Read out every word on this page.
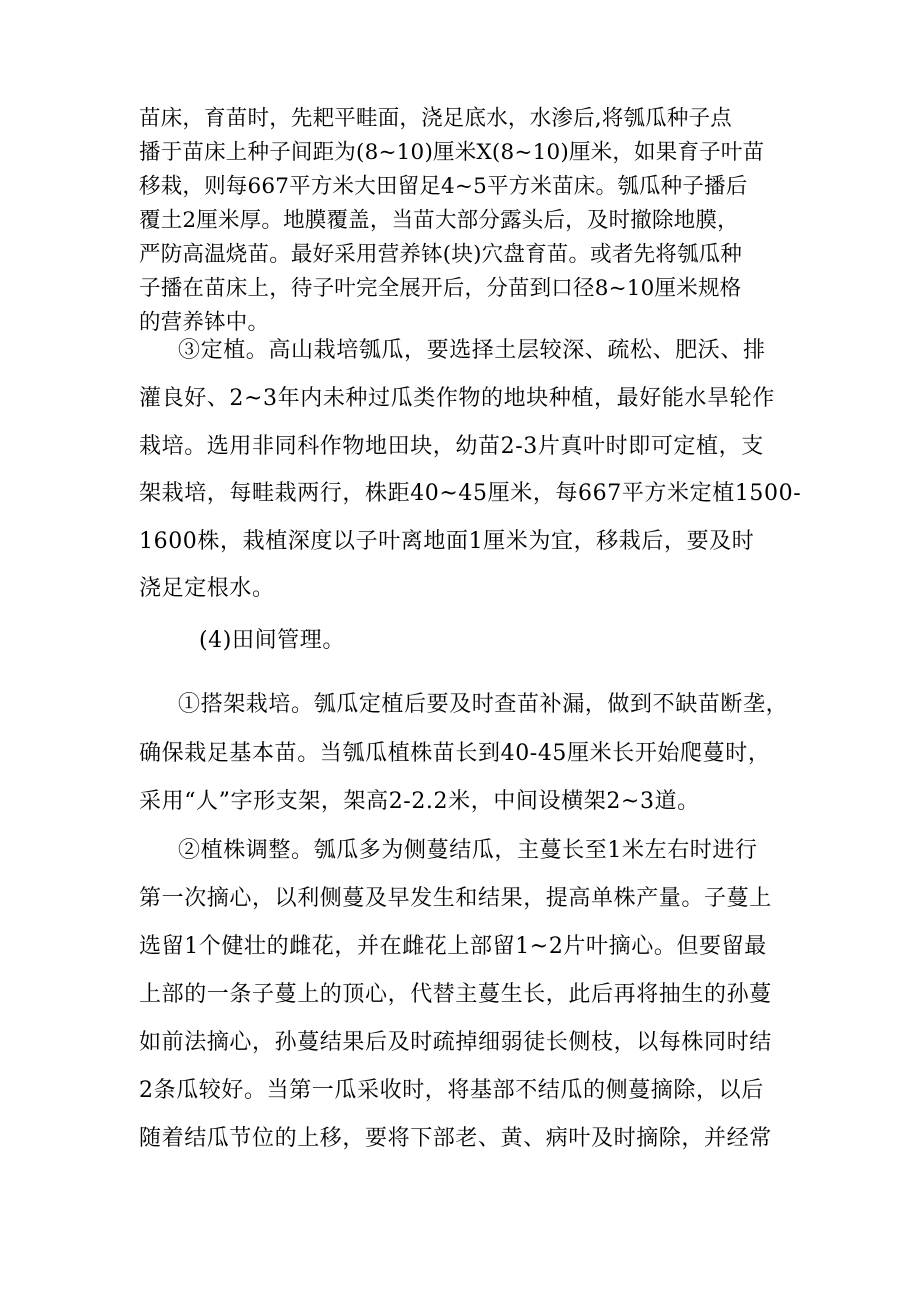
苗床，育苗时，先耙平畦面，浇足底水，水渗后,将瓠瓜种子点
播于苗床上种子间距为(8~10)厘米X(8~10)厘米，如果育子叶苗
移栽，则每667平方米大田留足4~5平方米苗床。瓠瓜种子播后
覆土2厘米厚。地膜覆盖，当苗大部分露头后，及时撤除地膜，
严防高温烧苗。最好采用营养钵(块)穴盘育苗。或者先将瓠瓜种
子播在苗床上，待子叶完全展开后，分苗到口径8~10厘米规格
的营养钵中。
③定植。高山栽培瓠瓜，要选择土层较深、疏松、肥沃、排
灌良好、2~3年内未种过瓜类作物的地块种植，最好能水旱轮作
栽培。选用非同科作物地田块，幼苗2-3片真叶时即可定植，支
架栽培，每畦栽两行，株距40~45厘米，每667平方米定植1500-
1600株，栽植深度以子叶离地面1厘米为宜，移栽后，要及时
浇足定根水。
(4)田间管理。
①搭架栽培。瓠瓜定植后要及时查苗补漏，做到不缺苗断垄，
确保栽足基本苗。当瓠瓜植株苗长到40-45厘米长开始爬蔓时，
采用“人”字形支架，架高2-2.2米，中间设横架2~3道。
②植株调整。瓠瓜多为侧蔓结瓜，主蔓长至1米左右时进行
第一次摘心，以利侧蔓及早发生和结果，提高单株产量。子蔓上
选留1个健壮的雌花，并在雌花上部留1~2片叶摘心。但要留最
上部的一条子蔓上的顶心，代替主蔓生长，此后再将抽生的孙蔓
如前法摘心，孙蔓结果后及时疏掉细弱徒长侧枝，以每株同时结
2条瓜较好。当第一瓜采收时，将基部不结瓜的侧蔓摘除，以后
随着结瓜节位的上移，要将下部老、黄、病叶及时摘除，并经常
